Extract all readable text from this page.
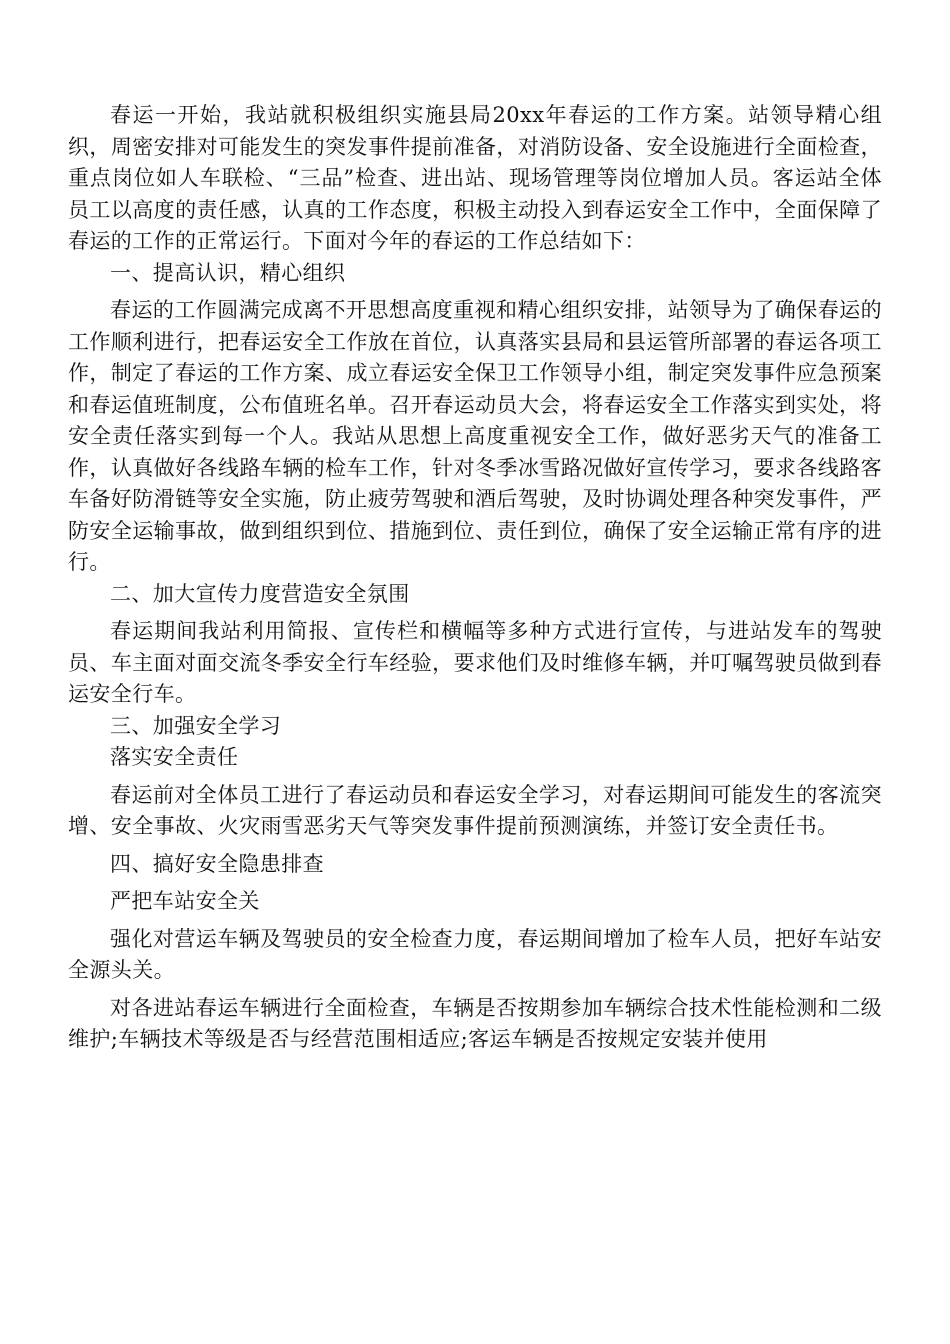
春运一开始，我站就积极组织实施县局20xx年春运的工作方案。站领导精心组织，周密安排对可能发生的突发事件提前准备，对消防设备、安全设施进行全面检查，重点岗位如人车联检、“三品”检查、进出站、现场管理等岗位增加人员。客运站全体员工以高度的责任感，认真的工作态度，积极主动投入到春运安全工作中，全面保障了春运的工作的正常运行。下面对今年的春运的工作总结如下：

一、提高认识，精心组织

春运的工作圆满完成离不开思想高度重视和精心组织安排，站领导为了确保春运的工作顺利进行，把春运安全工作放在首位，认真落实县局和县运管所部署的春运各项工作，制定了春运的工作方案、成立春运安全保卫工作领导小组，制定突发事件应急预案和春运值班制度，公布值班名单。召开春运动员大会，将春运安全工作落实到实处，将安全责任落实到每一个人。我站从思想上高度重视安全工作，做好恶劣天气的准备工作，认真做好各线路车辆的检车工作，针对冬季冰雪路况做好宣传学习，要求各线路客车备好防滑链等安全实施，防止疲劳驾驶和酒后驾驶，及时协调处理各种突发事件，严防安全运输事故，做到组织到位、措施到位、责任到位，确保了安全运输正常有序的进行。

二、加大宣传力度营造安全氛围

春运期间我站利用简报、宣传栏和横幅等多种方式进行宣传，与进站发车的驾驶员、车主面对面交流冬季安全行车经验，要求他们及时维修车辆，并叮嘱驾驶员做到春运安全行车。

三、加强安全学习

落实安全责任

春运前对全体员工进行了春运动员和春运安全学习，对春运期间可能发生的客流突增、安全事故、火灾雨雪恶劣天气等突发事件提前预测演练，并签订安全责任书。

四、搞好安全隐患排查

严把车站安全关

强化对营运车辆及驾驶员的安全检查力度，春运期间增加了检车人员，把好车站安全源头关。

对各进站春运车辆进行全面检查，车辆是否按期参加车辆综合技术性能检测和二级维护;车辆技术等级是否与经营范围相适应;客运车辆是否按规定安装并使用
